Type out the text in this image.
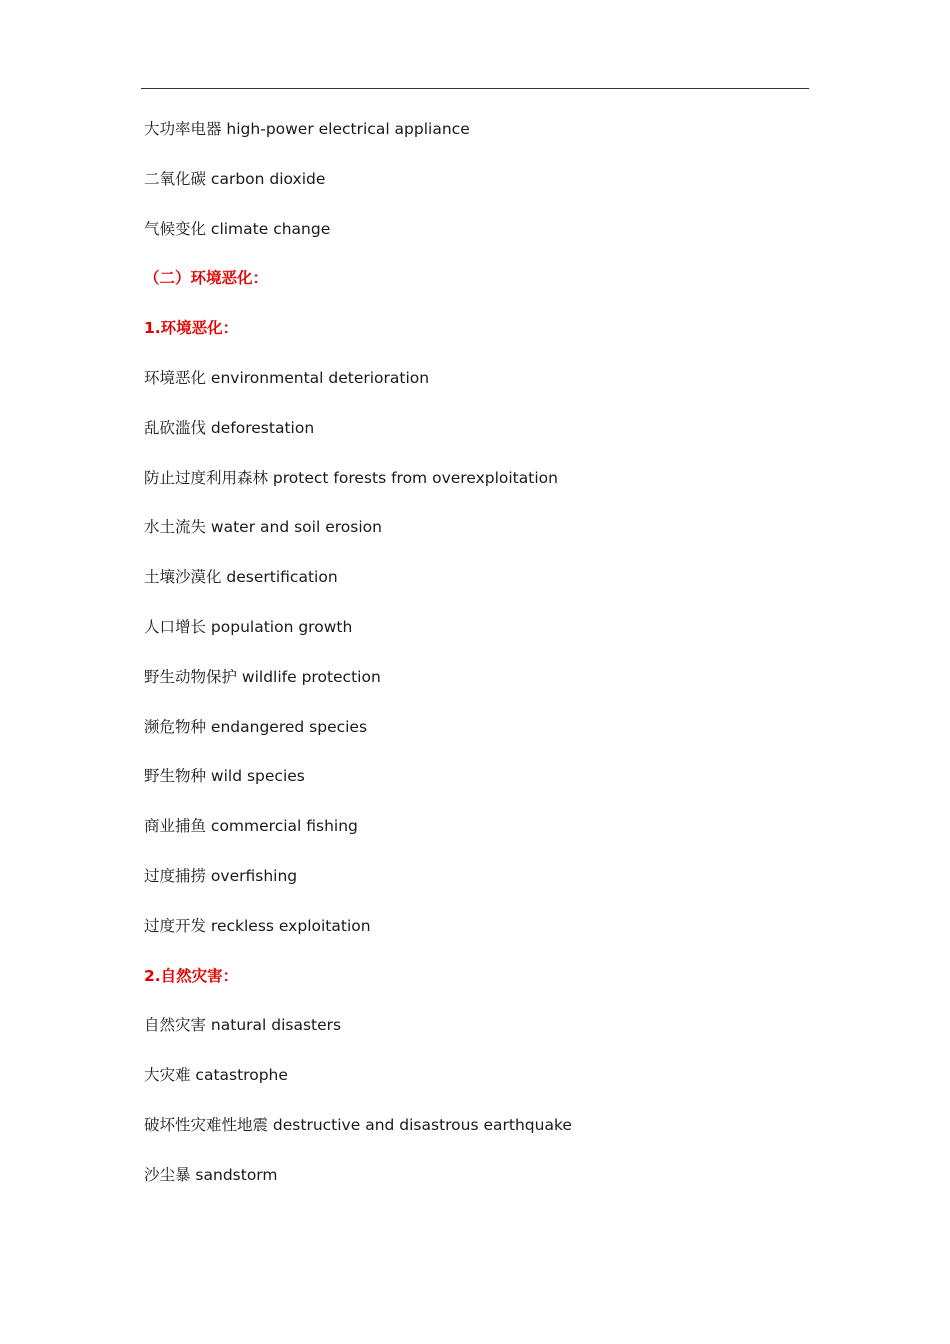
大功率电器 high-power electrical appliance
二氧化碳 carbon dioxide
气候变化 climate change
（二）环境恶化：
1.环境恶化：
环境恶化 environmental deterioration
乱砍滥伐 deforestation
防止过度利用森林 protect forests from overexploitation
水土流失 water and soil erosion
土壤沙漠化 desertification
人口增长 population growth
野生动物保护 wildlife protection
濒危物种 endangered species
野生物种 wild species
商业捕鱼 commercial fishing
过度捕捞 overfishing
过度开发 reckless exploitation
2.自然灾害：
自然灾害 natural disasters
大灾难 catastrophe
破坏性灾难性地震 destructive and disastrous earthquake
沙尘暴 sandstorm
